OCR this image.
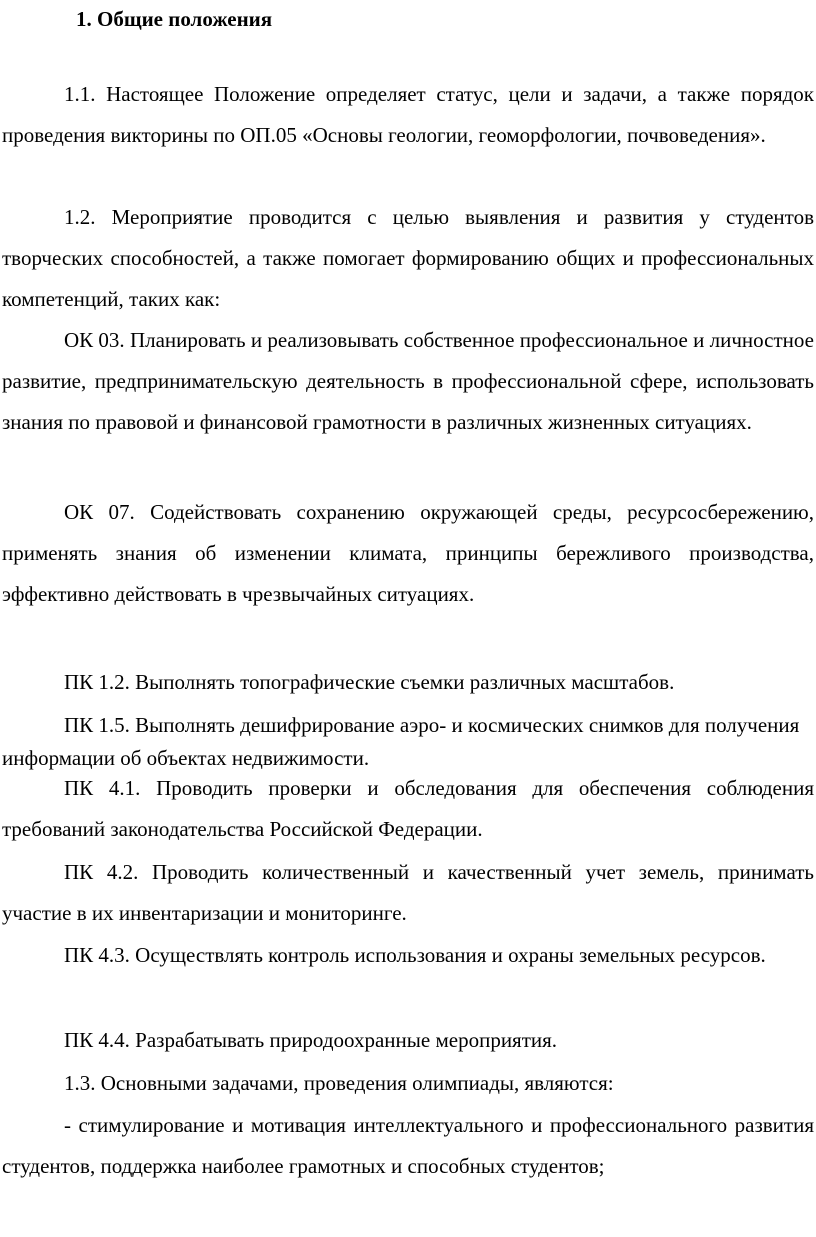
1. Общие положения

1.1. Настоящее Положение определяет статус, цели и задачи, а также порядок проведения викторины по ОП.05 «Основы геологии, геоморфологии, почвоведения».

1.2. Мероприятие проводится с целью выявления и развития у студентов творческих способностей, а также помогает формированию общих и профессиональных компетенций, таких как:

ОК 03. Планировать и реализовывать собственное профессиональное и личностное развитие, предпринимательскую деятельность в профессиональной сфере, использовать знания по правовой и финансовой грамотности в различных жизненных ситуациях.

ОК 07. Содействовать сохранению окружающей среды, ресурсосбережению, применять знания об изменении климата, принципы бережливого производства, эффективно действовать в чрезвычайных ситуациях.

ПК 1.2. Выполнять топографические съемки различных масштабов.

ПК 1.5. Выполнять дешифрирование аэро- и космических снимков для получения информации об объектах недвижимости.

ПК 4.1. Проводить проверки и обследования для обеспечения соблюдения требований законодательства Российской Федерации.

ПК 4.2. Проводить количественный и качественный учет земель, принимать участие в их инвентаризации и мониторинге.

ПК 4.3. Осуществлять контроль использования и охраны земельных ресурсов.

ПК 4.4. Разрабатывать природоохранные мероприятия.

1.3. Основными задачами, проведения олимпиады, являются:

- стимулирование и мотивация интеллектуального и профессионального развития студентов, поддержка наиболее грамотных и способных студентов;
